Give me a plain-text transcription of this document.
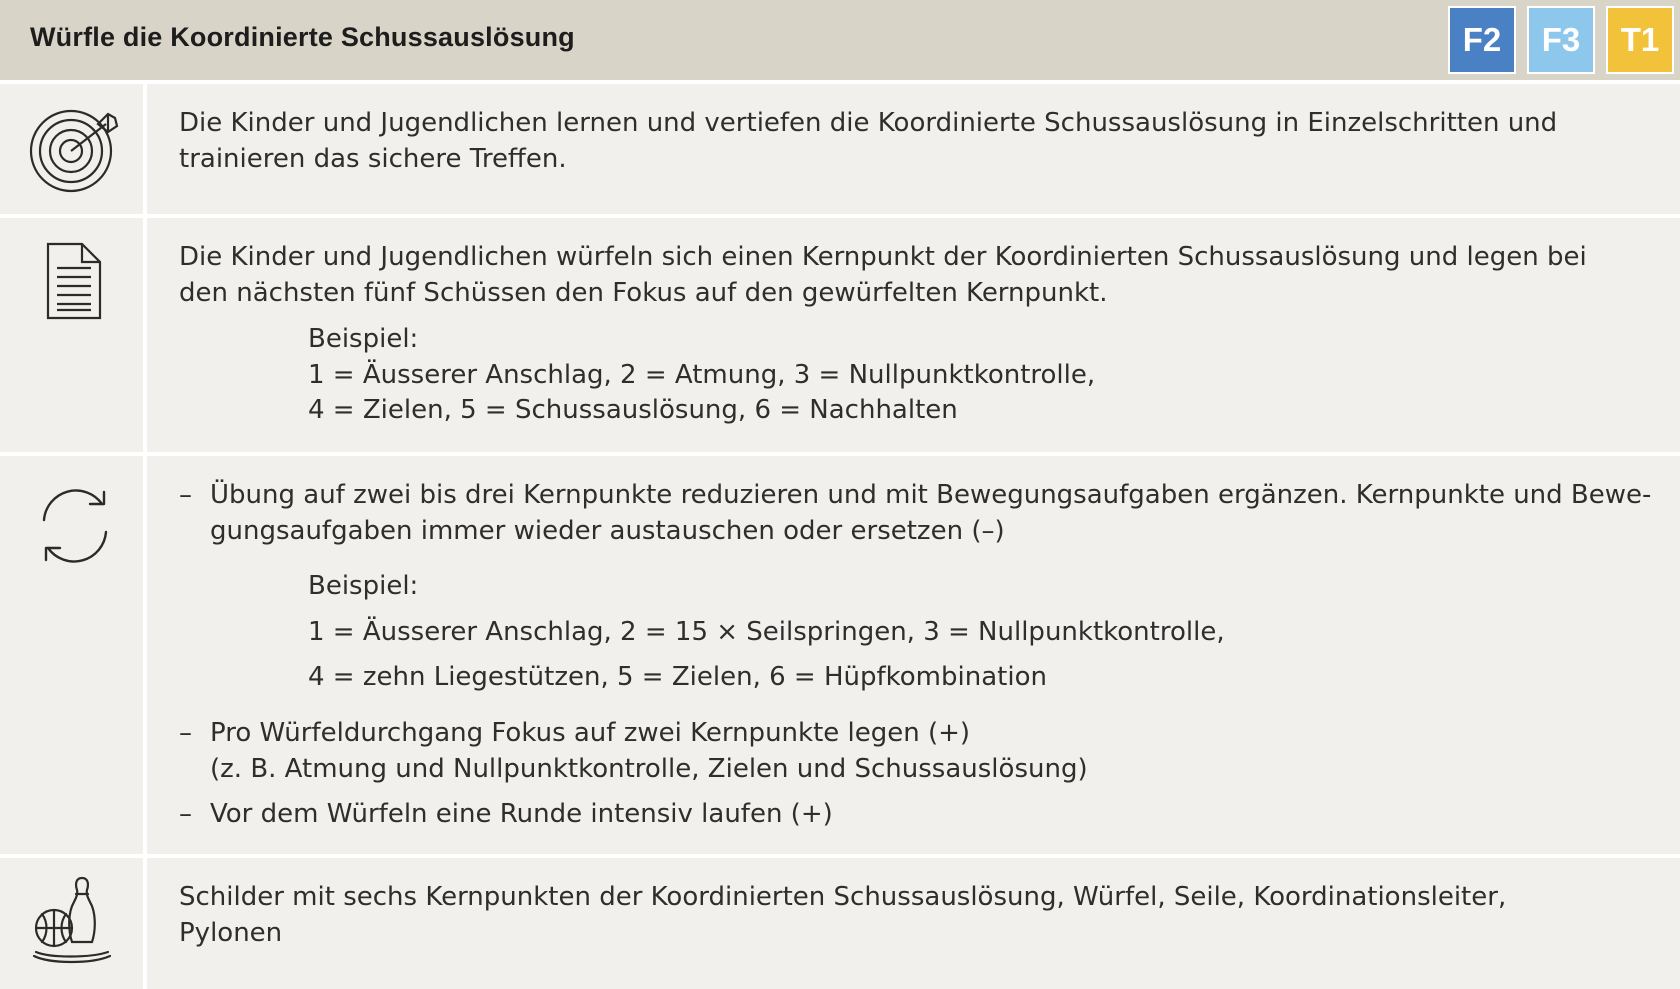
Würfle die Koordinierte Schussauslösung	F2	F3	T1
Die Kinder und Jugendlichen lernen und vertiefen die Koordinierte Schussauslösung in Einzelschritten und
trainieren das sichere Treffen.
Die Kinder und Jugendlichen würfeln sich einen Kernpunkt der Koordinierten Schussauslösung und legen bei
den nächsten fünf Schüssen den Fokus auf den gewürfelten Kernpunkt.
Beispiel:
1 = Äusserer Anschlag, 2 = Atmung, 3 = Nullpunktkontrolle,
4 = Zielen, 5 = Schussauslösung, 6 = Nachhalten
– Übung auf zwei bis drei Kernpunkte reduzieren und mit Bewegungsaufgaben ergänzen. Kernpunkte und Bewe-
gungsaufgaben immer wieder austauschen oder ersetzen (–)
Beispiel:
1 = Äusserer Anschlag, 2 = 15 × Seilspringen, 3 = Nullpunktkontrolle,
4 = zehn Liegestützen, 5 = Zielen, 6 = Hüpfkombination
– Pro Würfeldurchgang Fokus auf zwei Kernpunkte legen (+)
(z. B. Atmung und Nullpunktkontrolle, Zielen und Schussauslösung)
– Vor dem Würfeln eine Runde intensiv laufen (+)
Schilder mit sechs Kernpunkten der Koordinierten Schussauslösung, Würfel, Seile, Koordinationsleiter,
Pylonen
